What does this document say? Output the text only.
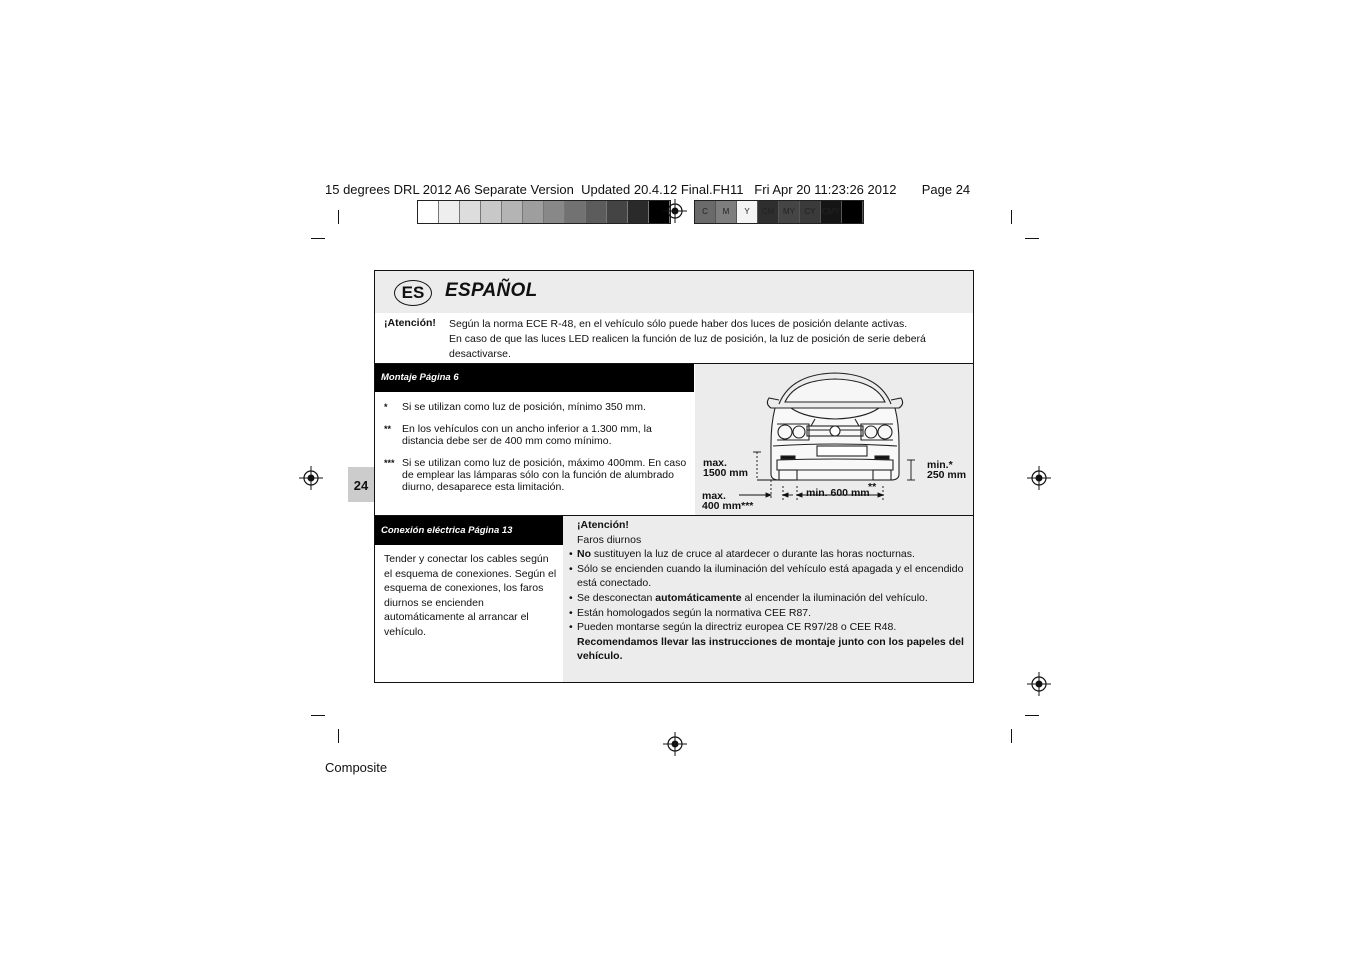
15 degrees DRL 2012 A6 Separate Version  Updated 20.4.12 Final.FH11 Fri Apr 20 11:23:26 2012 Page 24
C	M	Y	CM	MY	CY CMY
24
ES	ESPAÑOL
¡Atención! Según la norma ECE R-48, en el vehículo sólo puede haber dos luces de posición delante activas.
En caso de que las luces LED realicen la función de luz de posición, la luz de posición de serie deberá desactivarse.
Montaje Página 6
*	Si se utilizan como luz de posición, mínimo 350 mm.
**	En los vehículos con un ancho inferior a 1.300 mm, la distancia debe ser de 400 mm como mínimo.
*** Si se utilizan como luz de posición, máximo 400mm. En caso de emplear las lámparas sólo con la función de alumbrado diurno, desaparece esta limitación.
max.
1500 mm
min.*
250 mm
max.
400 mm***
min. 600 mm
**
Conexión eléctrica Página 13
Tender y conectar los cables según el esquema de conexiones. Según el esquema de conexiones, los faros diurnos se encienden automáticamente al arrancar el vehículo.
¡Atención!
Faros diurnos
• No sustituyen la luz de cruce al atardecer o durante las horas nocturnas.
• Sólo se encienden cuando la iluminación del vehículo está apagada y el encendido está conectado.
• Se desconectan automáticamente al encender la iluminación del vehículo.
• Están homologados según la normativa CEE R87.
• Pueden montarse según la directriz europea CE R97/28 o CEE R48.
Recomendamos llevar las instrucciones de montaje junto con los papeles del vehículo.
Composite
